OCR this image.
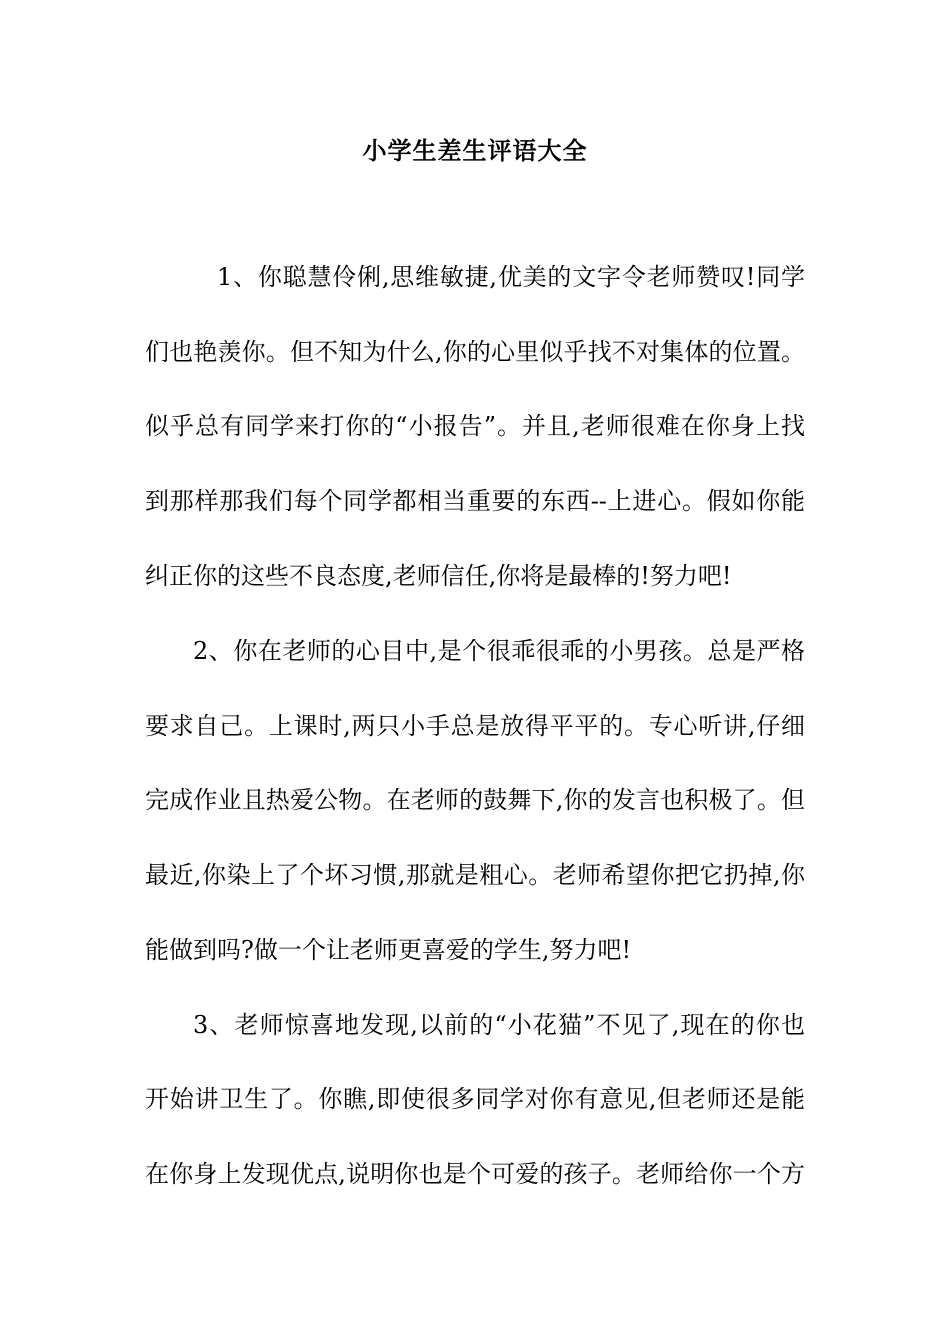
小学生差生评语大全
1、你聪慧伶俐,思维敏捷,优美的文字令老师赞叹!同学
们也艳羡你。但不知为什么,你的心里似乎找不对集体的位置。
似乎总有同学来打你的“小报告”。并且,老师很难在你身上找
到那样那我们每个同学都相当重要的东西--上进心。假如你能
纠正你的这些不良态度,老师信任,你将是最棒的!努力吧!
2、你在老师的心目中,是个很乖很乖的小男孩。总是严格
要求自己。上课时,两只小手总是放得平平的。专心听讲,仔细
完成作业且热爱公物。在老师的鼓舞下,你的发言也积极了。但
最近,你染上了个坏习惯,那就是粗心。老师希望你把它扔掉,你
能做到吗?做一个让老师更喜爱的学生,努力吧!
3、老师惊喜地发现,以前的“小花猫”不见了,现在的你也
开始讲卫生了。你瞧,即使很多同学对你有意见,但老师还是能
在你身上发现优点,说明你也是个可爱的孩子。老师给你一个方
